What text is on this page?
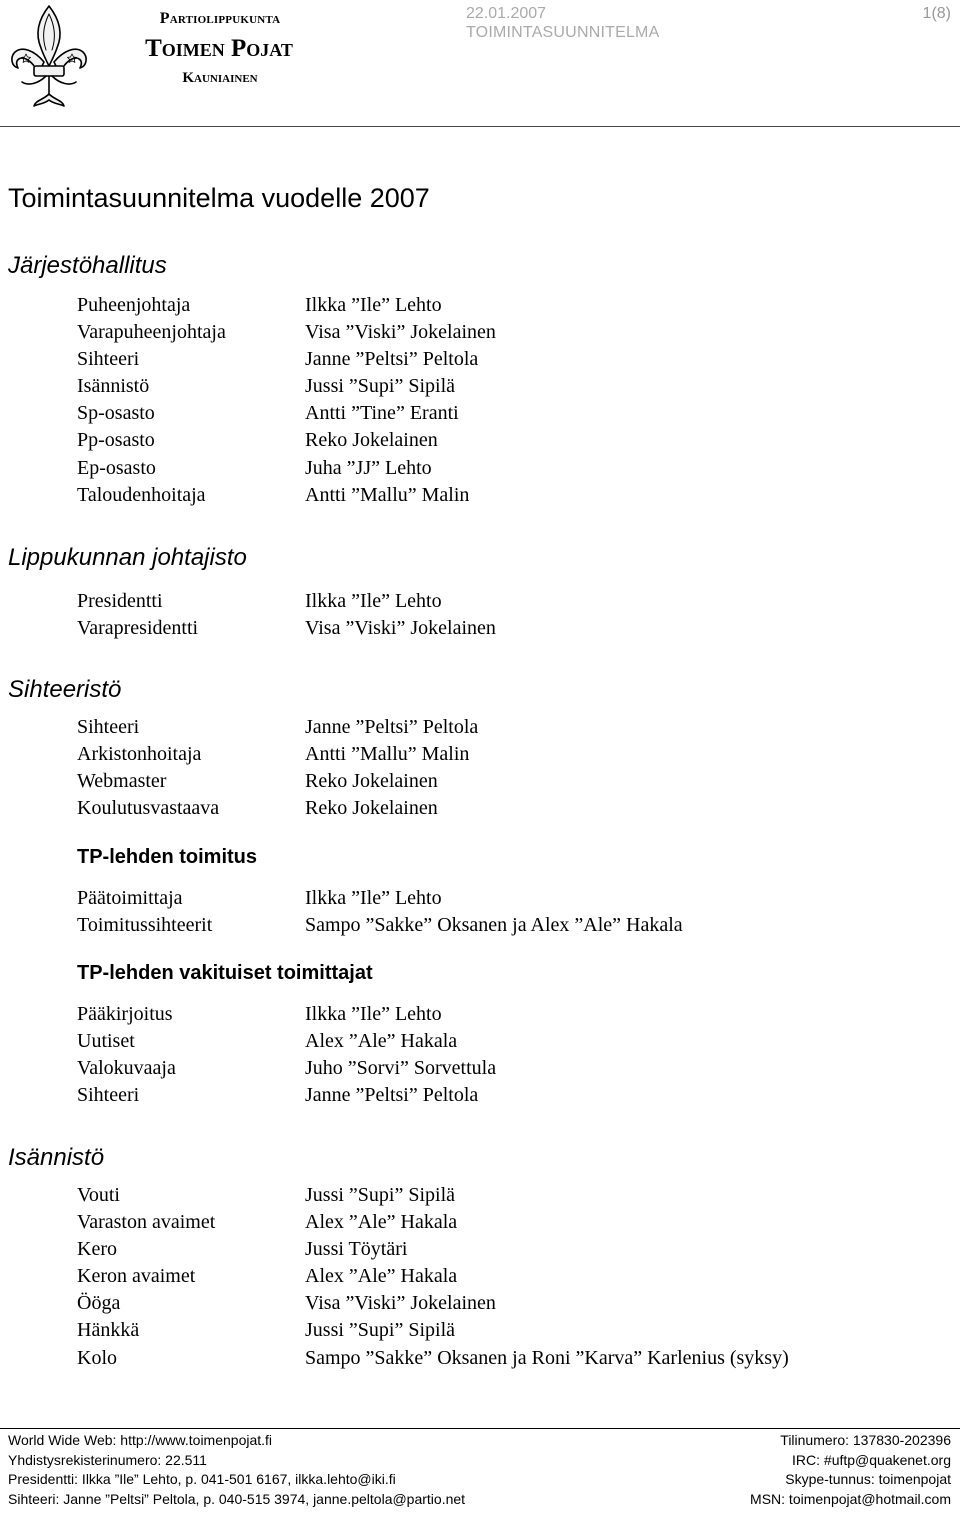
Partiolippukunta
Toimen Pojat
Kauniainen
22.01.2007
TOIMINTASUUNNITELMA
1(8)
Toimintasuunnitelma vuodelle 2007
Järjestöhallitus
Puheenjohtaja	Ilkka ”Ile” Lehto
Varapuheenjohtaja	Visa ”Viski” Jokelainen
Sihteeri	Janne ”Peltsi” Peltola
Isännistö	Jussi ”Supi” Sipilä
Sp-osasto	Antti ”Tine” Eranti
Pp-osasto	Reko Jokelainen
Ep-osasto	Juha ”JJ” Lehto
Taloudenhoitaja	Antti ”Mallu” Malin
Lippukunnan johtajisto
Presidentti	Ilkka ”Ile” Lehto
Varapresidentti	Visa ”Viski” Jokelainen
Sihteeristö
Sihteeri	Janne ”Peltsi” Peltola
Arkistonhoitaja	Antti ”Mallu” Malin
Webmaster	Reko Jokelainen
Koulutusvastaava	Reko Jokelainen
TP-lehden toimitus
Päätoimittaja	Ilkka ”Ile” Lehto
Toimitussihteerit	Sampo ”Sakke” Oksanen ja Alex ”Ale” Hakala
TP-lehden vakituiset toimittajat
Pääkirjoitus	Ilkka ”Ile” Lehto
Uutiset	Alex ”Ale” Hakala
Valokuvaaja	Juho ”Sorvi” Sorvettula
Sihteeri	Janne ”Peltsi” Peltola
Isännistö
Vouti	Jussi ”Supi” Sipilä
Varaston avaimet	Alex ”Ale” Hakala
Kero	Jussi Töytäri
Keron avaimet	Alex ”Ale” Hakala
Ööga	Visa ”Viski” Jokelainen
Hänkkä	Jussi ”Supi” Sipilä
Kolo	Sampo ”Sakke” Oksanen ja Roni ”Karva” Karlenius (syksy)
World Wide Web: http://www.toimenpojat.fi
Yhdistysrekisterinumero: 22.511
Presidentti: Ilkka ”Ile” Lehto, p. 041-501 6167, ilkka.lehto@iki.fi
Sihteeri: Janne ”Peltsi” Peltola, p. 040-515 3974, janne.peltola@partio.net
Tilinumero: 137830-202396
IRC: #uftp@quakenet.org
Skype-tunnus: toimenpojat
MSN: toimenpojat@hotmail.com
